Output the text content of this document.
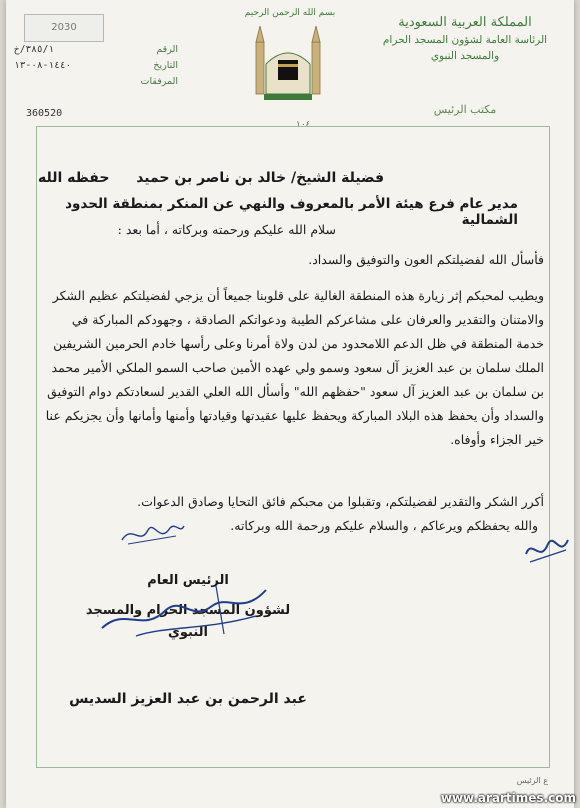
المملكة العربية السعودية
الرئاسة العامة لشؤون المسجد الحرام والمسجد النبوي
مكتب الرئيس
بسم الله الرحمن الرحيم
2030
الرقم
٣٨٥/١/خ
التاريخ
١٤٤٠-٠٨-١٣
المرفقات
360520
١٠٤
فضيلة الشيخ/ خالد بن ناصر بن حميد
حفظه الله
مدير عام فرع هيئة الأمر بالمعروف والنهي عن المنكر بمنطقة الحدود الشمالية
سلام الله عليكم ورحمته وبركاته ، أما بعد :
فأسأل الله لفضيلتكم العون والتوفيق والسداد.
ويطيب لمحبكم إثر زيارة هذه المنطقة الغالية على قلوبنا جميعاً أن يزجي لفضيلتكم عظيم الشكر والامتنان والتقدير والعرفان على مشاعركم الطيبة ودعواتكم الصادقة ، وجهودكم المباركة في خدمة المنطقة في ظل الدعم اللامحدود من لدن ولاة أمرنا وعلى رأسها خادم الحرمين الشريفين الملك سلمان بن عبد العزيز آل سعود وسمو ولي عهده الأمين صاحب السمو الملكي الأمير محمد بن سلمان بن عبد العزيز آل سعود "حفظهم الله" وأسأل الله العلي القدير لسعادتكم دوام التوفيق والسداد وأن يحفظ هذه البلاد المباركة ويحفظ عليها عقيدتها وقيادتها وأمنها وأمانها وأن يجزيكم عنا خير الجزاء وأوفاه.
أكرر الشكر والتقدير لفضيلتكم، وتقبلوا من محبكم فائق التحايا وصادق الدعوات.
والله يحفظكم ويرعاكم ، والسلام عليكم ورحمة الله وبركاته.
الرئيس العام
لشؤون المسجد الحرام والمسجد النبوي
عبد الرحمن بن عبد العزيز السديس
ع الرئيس
www.arartimes.com
